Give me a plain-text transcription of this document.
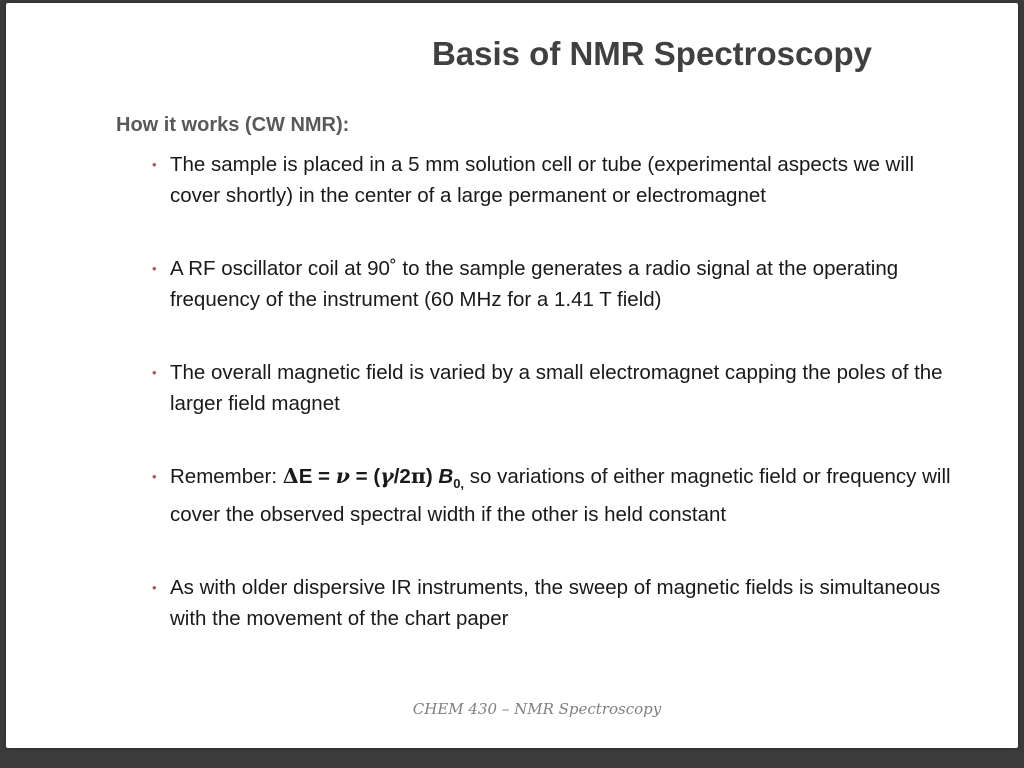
Basis of NMR Spectroscopy
How it works (CW NMR):
• The sample is placed in a 5 mm solution cell or tube (experimental aspects we will cover shortly) in the center of a large permanent or electromagnet
• A RF oscillator coil at 90˚ to the sample generates a radio signal at the operating frequency of the instrument (60 MHz for a 1.41 T field)
• The overall magnetic field is varied by a small electromagnet capping the poles of the larger field magnet
• Remember: ΔE = ν = (γ/2π) $B_{0,}$ so variations of either magnetic field or frequency will cover the observed spectral width if the other is held constant
• As with older dispersive IR instruments, the sweep of magnetic fields is simultaneous with the movement of the chart paper
CHEM 430 – NMR Spectroscopy
